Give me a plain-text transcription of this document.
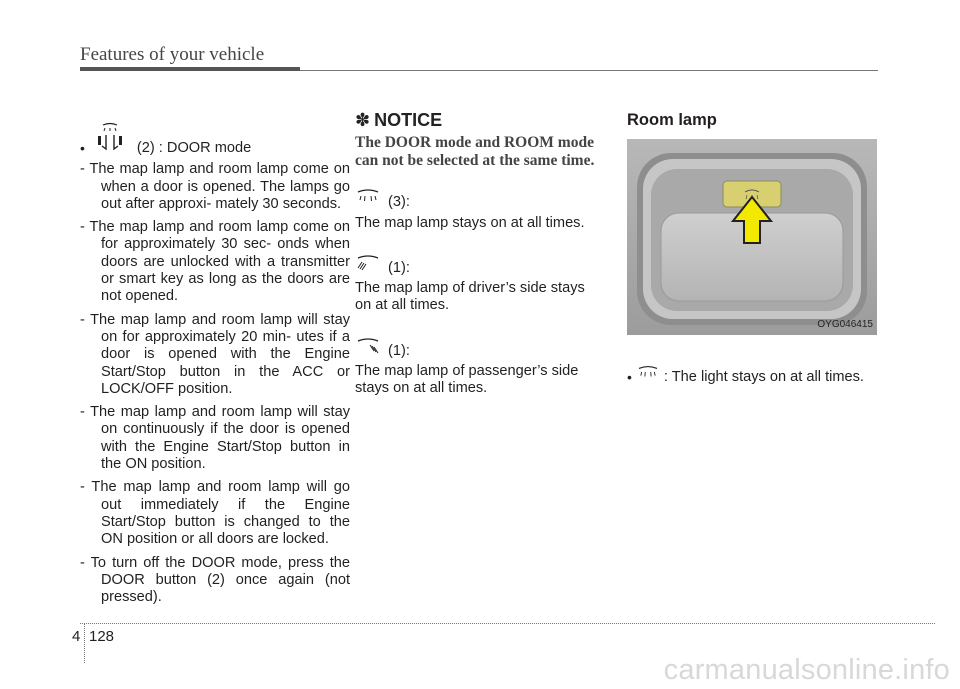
Features of your vehicle
•	(2) : DOOR mode

- The map lamp and room lamp come on when a door is opened. The lamps go out after approxi- mately 30 seconds.

- The map lamp and room lamp come on for approximately 30 sec- onds when doors are unlocked with a transmitter or smart key as long as the doors are not opened.

- The map lamp and room lamp will stay on for approximately 20 min- utes if a door is opened with the Engine Start/Stop button in the ACC or LOCK/OFF position.

- The map lamp and room lamp will stay on continuously if the door is opened with the Engine Start/Stop button in the ON position.

- The map lamp and room lamp will go out immediately if the Engine Start/Stop button is changed to the ON position or all doors are locked.

- To turn off the DOOR mode, press the DOOR button (2) once again (not pressed).

✽ NOTICE
The DOOR mode and ROOM mode can not be selected at the same time.
(3):
The map lamp stays on at all times.
(1):
The map lamp of driver’s side stays on at all times.
(1):
The map lamp of passenger’s side stays on at all times.
Room lamp
OYG046415
• : The light stays on at all times.
4 128
carmanualsonline.info
